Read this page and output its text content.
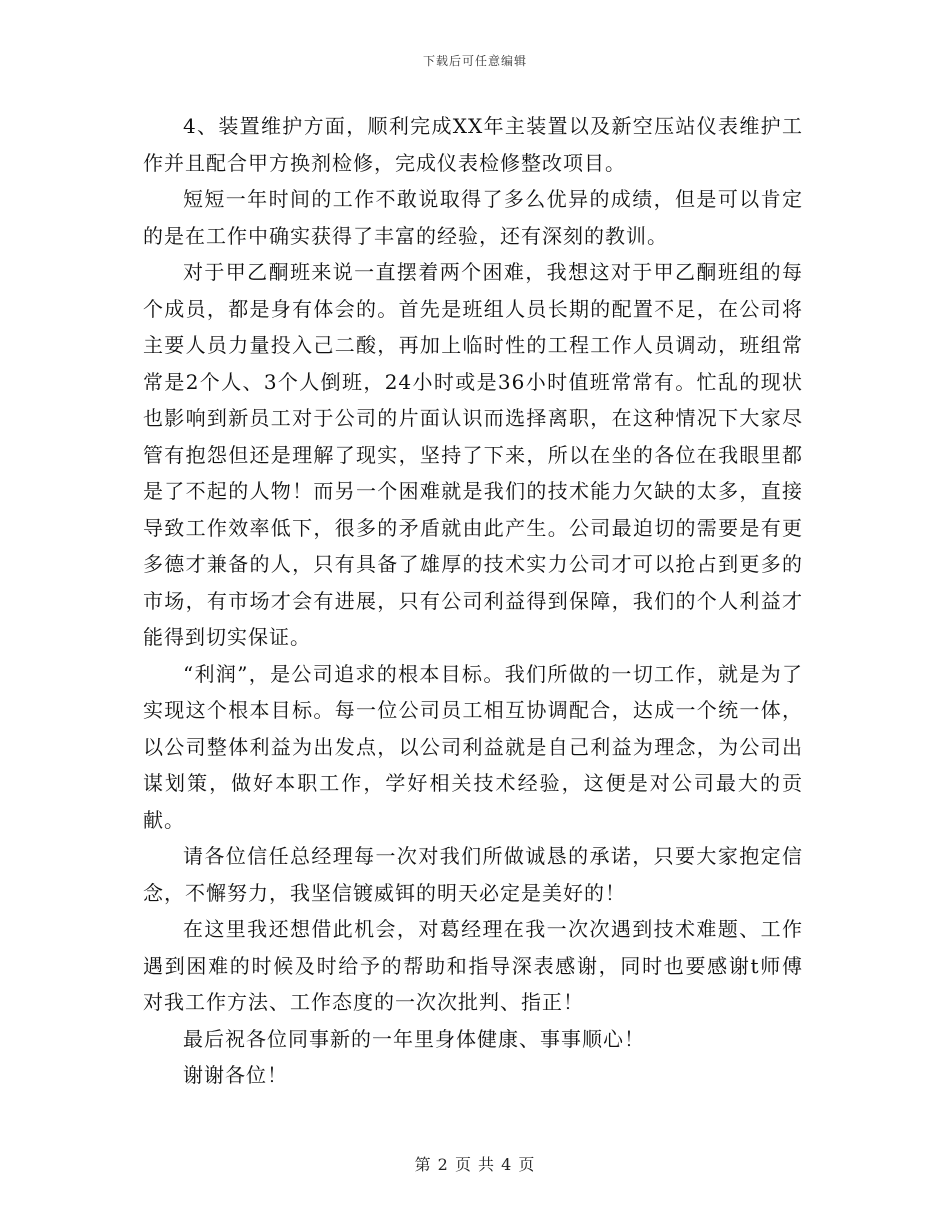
下载后可任意编辑

4、装置维护方面，顺利完成XX年主装置以及新空压站仪表维护工作并且配合甲方换剂检修，完成仪表检修整改项目。

短短一年时间的工作不敢说取得了多么优异的成绩，但是可以肯定的是在工作中确实获得了丰富的经验，还有深刻的教训。

对于甲乙酮班来说一直摆着两个困难，我想这对于甲乙酮班组的每个成员，都是身有体会的。首先是班组人员长期的配置不足，在公司将主要人员力量投入己二酸，再加上临时性的工程工作人员调动，班组常常是2个人、3个人倒班，24小时或是36小时值班常常有。忙乱的现状也影响到新员工对于公司的片面认识而选择离职，在这种情况下大家尽管有抱怨但还是理解了现实，坚持了下来，所以在坐的各位在我眼里都是了不起的人物！而另一个困难就是我们的技术能力欠缺的太多，直接导致工作效率低下，很多的矛盾就由此产生。公司最迫切的需要是有更多德才兼备的人，只有具备了雄厚的技术实力公司才可以抢占到更多的市场，有市场才会有进展，只有公司利益得到保障，我们的个人利益才能得到切实保证。

“利润”，是公司追求的根本目标。我们所做的一切工作，就是为了实现这个根本目标。每一位公司员工相互协调配合，达成一个统一体，以公司整体利益为出发点，以公司利益就是自己利益为理念，为公司出谋划策，做好本职工作，学好相关技术经验，这便是对公司最大的贡献。

请各位信任总经理每一次对我们所做诚恳的承诺，只要大家抱定信念，不懈努力，我坚信镀威铒的明天必定是美好的！

在这里我还想借此机会，对葛经理在我一次次遇到技术难题、工作遇到困难的时候及时给予的帮助和指导深表感谢，同时也要感谢t师傅对我工作方法、工作态度的一次次批判、指正！

最后祝各位同事新的一年里身体健康、事事顺心！

谢谢各位！

第 2 页 共 4 页
